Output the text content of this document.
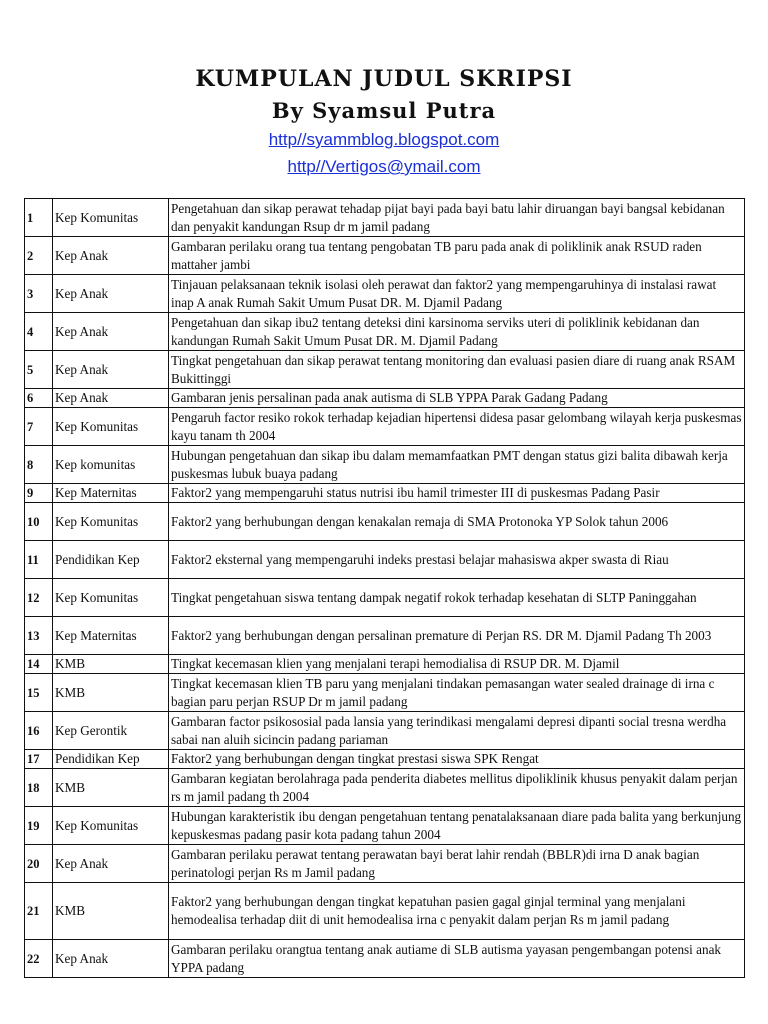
KUMPULAN JUDUL SKRIPSI
By Syamsul Putra
http//syammblog.blogspot.com
http//Vertigos@ymail.com
1	Kep Komunitas	Pengetahuan dan sikap perawat tehadap pijat bayi pada bayi batu lahir diruangan bayi bangsal kebidanan dan penyakit kandungan Rsup dr m jamil padang
2	Kep Anak	Gambaran perilaku orang tua tentang pengobatan TB paru pada anak di poliklinik anak RSUD raden mattaher jambi
3	Kep Anak	Tinjauan pelaksanaan teknik isolasi oleh perawat dan faktor2 yang mempengaruhinya di instalasi rawat inap A anak Rumah Sakit Umum Pusat DR. M. Djamil Padang
4	Kep Anak	Pengetahuan dan sikap ibu2 tentang deteksi dini karsinoma serviks uteri di poliklinik kebidanan dan kandungan Rumah Sakit Umum Pusat DR. M. Djamil Padang
5	Kep Anak	Tingkat pengetahuan dan sikap perawat tentang monitoring dan evaluasi pasien diare di ruang anak RSAM Bukittinggi
6	Kep Anak	Gambaran jenis persalinan pada anak autisma di SLB YPPA Parak Gadang Padang
7	Kep Komunitas	Pengaruh factor resiko rokok terhadap kejadian hipertensi didesa pasar gelombang wilayah kerja puskesmas kayu tanam th 2004
8	Kep komunitas	Hubungan pengetahuan dan sikap ibu dalam memamfaatkan PMT dengan status gizi balita dibawah kerja puskesmas lubuk buaya padang
9	Kep Maternitas	Faktor2 yang mempengaruhi status nutrisi ibu hamil trimester III di puskesmas Padang Pasir
10	Kep Komunitas	Faktor2 yang berhubungan dengan kenakalan remaja di SMA Protonoka YP Solok tahun 2006
11	Pendidikan Kep	Faktor2 eksternal yang mempengaruhi indeks prestasi belajar mahasiswa akper swasta di Riau
12	Kep Komunitas	Tingkat pengetahuan siswa tentang dampak negatif rokok terhadap kesehatan di SLTP Paninggahan
13	Kep Maternitas	Faktor2 yang berhubungan dengan persalinan premature di Perjan RS. DR M. Djamil Padang Th 2003
14	KMB	Tingkat kecemasan klien yang menjalani terapi hemodialisa di RSUP DR. M. Djamil
15	KMB	Tingkat kecemasan klien TB paru yang menjalani tindakan pemasangan water sealed drainage di irna c bagian paru perjan RSUP Dr m jamil padang
16	Kep Gerontik	Gambaran factor psikososial pada lansia yang terindikasi mengalami depresi dipanti social tresna werdha sabai nan aluih sicincin padang pariaman
17	Pendidikan Kep	Faktor2 yang berhubungan dengan tingkat prestasi siswa SPK Rengat
18	KMB	Gambaran kegiatan berolahraga pada penderita diabetes mellitus dipoliklinik khusus penyakit dalam perjan rs m jamil padang th 2004
19	Kep Komunitas	Hubungan karakteristik ibu dengan pengetahuan tentang penatalaksanaan diare pada balita yang berkunjung kepuskesmas padang pasir kota padang tahun 2004
20	Kep Anak	Gambaran perilaku perawat tentang perawatan bayi berat lahir rendah (BBLR)di irna D anak bagian perinatologi perjan Rs m Jamil padang
21	KMB	Faktor2 yang berhubungan dengan tingkat kepatuhan pasien gagal ginjal terminal yang menjalani hemodealisa terhadap diit di unit hemodealisa irna c penyakit dalam perjan Rs m jamil padang
22	Kep Anak	Gambaran perilaku orangtua tentang anak autiame di SLB autisma yayasan pengembangan potensi anak YPPA padang
